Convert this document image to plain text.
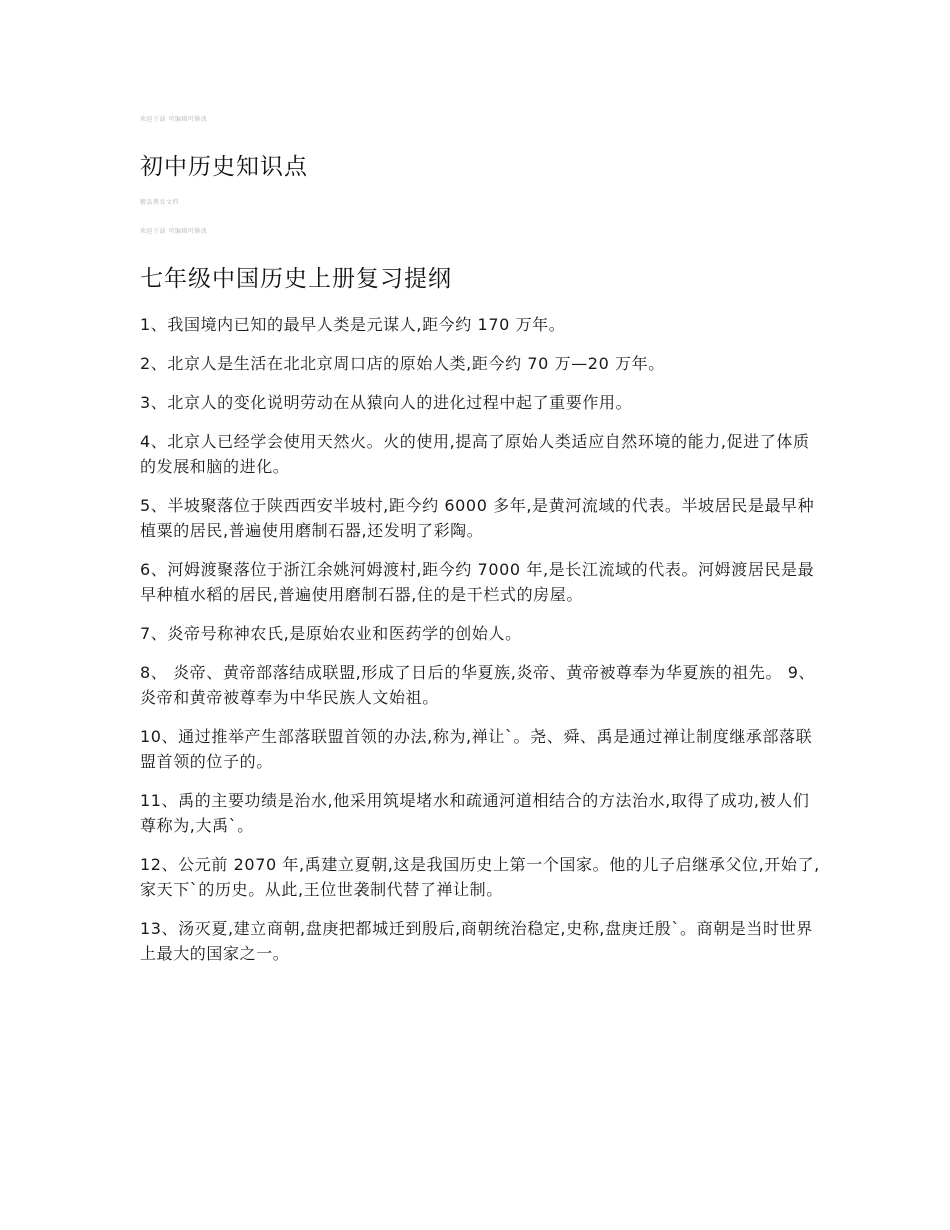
欢迎下载 可编辑可修改
初中历史知识点
精品教育文档
欢迎下载 可编辑可修改
七年级中国历史上册复习提纲

1、我国境内已知的最早人类是元谋人,距今约 170 万年。

2、北京人是生活在北北京周口店的原始人类,距今约 70 万—20 万年。

3、北京人的变化说明劳动在从猿向人的进化过程中起了重要作用。

4、北京人已经学会使用天然火。火的使用,提高了原始人类适应自然环境的能力,促进了体质的发展和脑的进化。

5、半坡聚落位于陕西西安半坡村,距今约 6000 多年,是黄河流域的代表。半坡居民是最早种植粟的居民,普遍使用磨制石器,还发明了彩陶。

6、河姆渡聚落位于浙江余姚河姆渡村,距今约 7000 年,是长江流域的代表。河姆渡居民是最早种植水稻的居民,普遍使用磨制石器,住的是干栏式的房屋。

7、炎帝号称神农氏,是原始农业和医药学的创始人。

8、 炎帝、黄帝部落结成联盟,形成了日后的华夏族,炎帝、黄帝被尊奉为华夏族的祖先。 9、炎帝和黄帝被尊奉为中华民族人文始祖。

10、通过推举产生部落联盟首领的办法,称为,禅让`。尧、舜、禹是通过禅让制度继承部落联盟首领的位子的。

11、禹的主要功绩是治水,他采用筑堤堵水和疏通河道相结合的方法治水,取得了成功,被人们尊称为,大禹`。

12、公元前 2070 年,禹建立夏朝,这是我国历史上第一个国家。他的儿子启继承父位,开始了,家天下`的历史。从此,王位世袭制代替了禅让制。

13、汤灭夏,建立商朝,盘庚把都城迁到殷后,商朝统治稳定,史称,盘庚迁殷`。商朝是当时世界上最大的国家之一。
